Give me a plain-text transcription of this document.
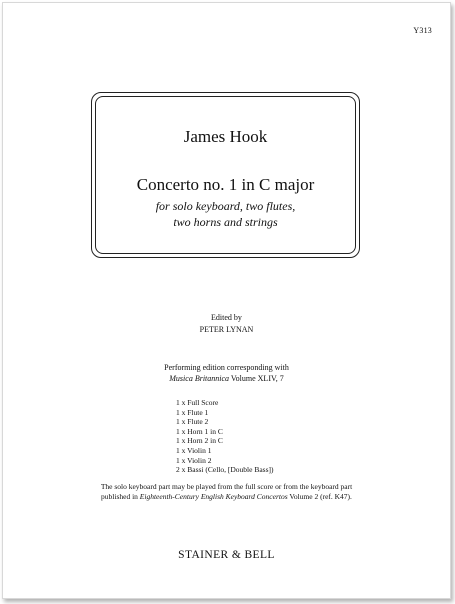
Y313
James Hook
Concerto no. 1 in C major
for solo keyboard, two flutes,
two horns and strings
Edited by
PETER LYNAN
Performing edition corresponding with
Musica Britannica Volume XLIV, 7
1 x Full Score
1 x Flute 1
1 x Flute 2
1 x Horn 1 in C
1 x Horn 2 in C
1 x Violin 1
1 x Violin 2
2 x Bassi (Cello, [Double Bass])
The solo keyboard part may be played from the full score or from the keyboard part
published in Eighteenth-Century English Keyboard Concertos Volume 2 (ref. K47).
STAINER & BELL
